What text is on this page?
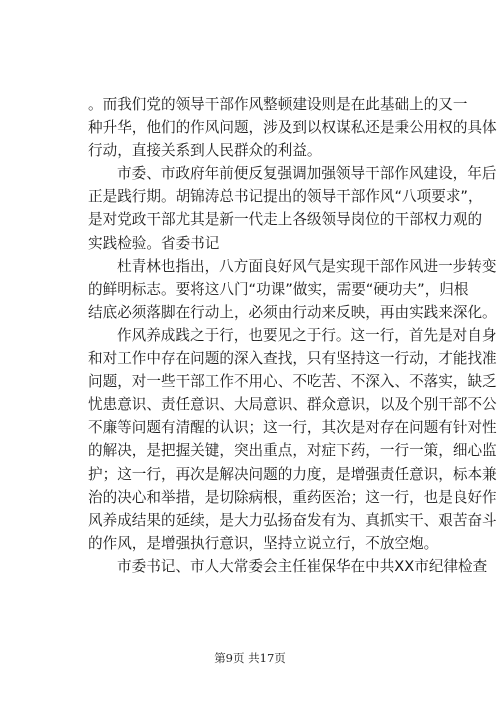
。而我们党的领导干部作风整顿建设则是在此基础上的又一
种升华，他们的作风问题，涉及到以权谋私还是秉公用权的具体
行动，直接关系到人民群众的利益。
市委、市政府年前便反复强调加强领导干部作风建设，年后
正是践行期。胡锦涛总书记提出的领导干部作风“八项要求”，
是对党政干部尤其是新一代走上各级领导岗位的干部权力观的
实践检验。省委书记
杜青林也指出，八方面良好风气是实现干部作风进一步转变
的鲜明标志。要将这八门“功课”做实，需要“硬功夫”，归根
结底必须落脚在行动上，必须由行动来反映，再由实践来深化。
作风养成践之于行，也要见之于行。这一行，首先是对自身
和对工作中存在问题的深入查找，只有坚持这一行动，才能找准
问题，对一些干部工作不用心、不吃苦、不深入、不落实，缺乏
忧患意识、责任意识、大局意识、群众意识，以及个别干部不公
不廉等问题有清醒的认识；这一行，其次是对存在问题有针对性
的解决，是把握关键，突出重点，对症下药，一行一策，细心监
护；这一行，再次是解决问题的力度，是增强责任意识，标本兼
治的决心和举措，是切除病根，重药医治；这一行，也是良好作
风养成结果的延续，是大力弘扬奋发有为、真抓实干、艰苦奋斗
的作风，是增强执行意识，坚持立说立行，不放空炮。
市委书记、市人大常委会主任崔保华在中共XX市纪律检查
第9页 共17页
